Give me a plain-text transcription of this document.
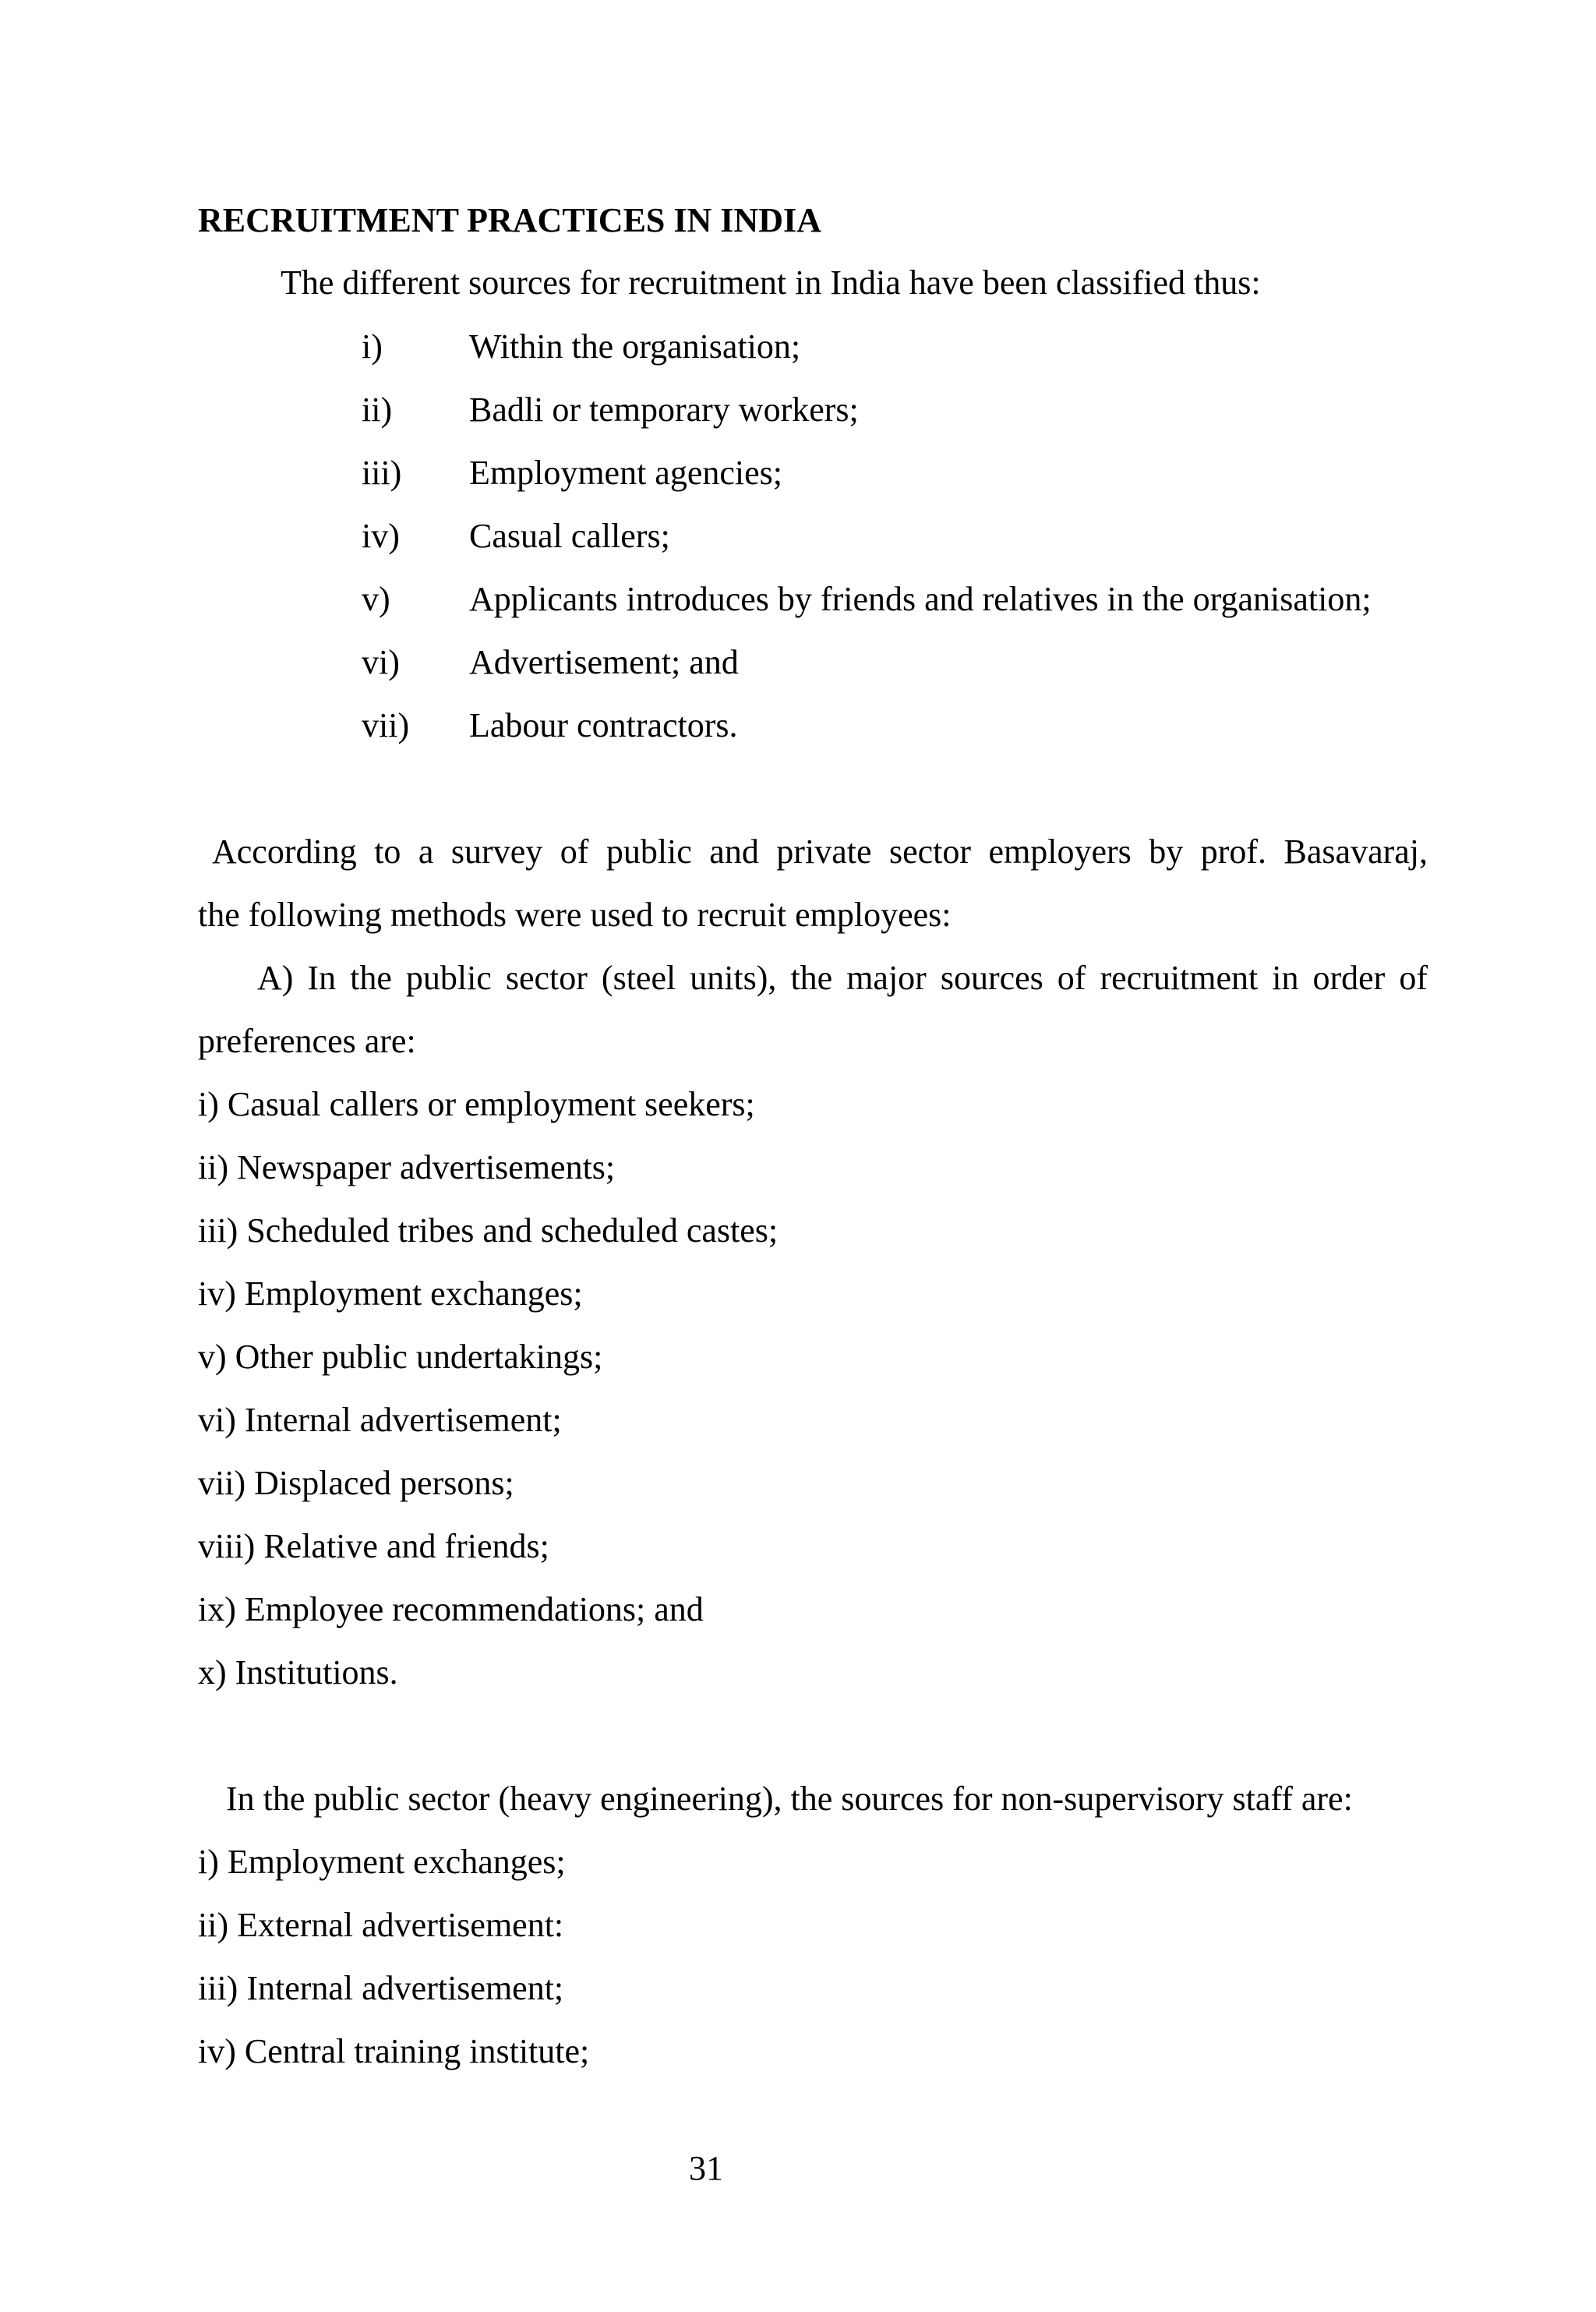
RECRUITMENT PRACTICES IN INDIA
The different sources for recruitment in India have been classified thus:
i)	Within the organisation;
ii) Badli or temporary workers;
iii) Employment agencies;
iv) Casual callers;
v) Applicants introduces by friends and relatives in the organisation;
vi) Advertisement; and
vii) Labour contractors.
According to a survey of public and private sector employers by prof. Basavaraj,
the following methods were used to recruit employees:
A) In the public sector (steel units), the major sources of recruitment in order of
preferences are:
i) Casual callers or employment seekers;
ii) Newspaper advertisements;
iii) Scheduled tribes and scheduled castes;
iv) Employment exchanges;
v) Other public undertakings;
vi) Internal advertisement;
vii) Displaced persons;
viii) Relative and friends;
ix) Employee recommendations; and
x) Institutions.
In the public sector (heavy engineering), the sources for non-supervisory staff are:
i) Employment exchanges;
ii) External advertisement:
iii) Internal advertisement;
iv) Central training institute;
31
